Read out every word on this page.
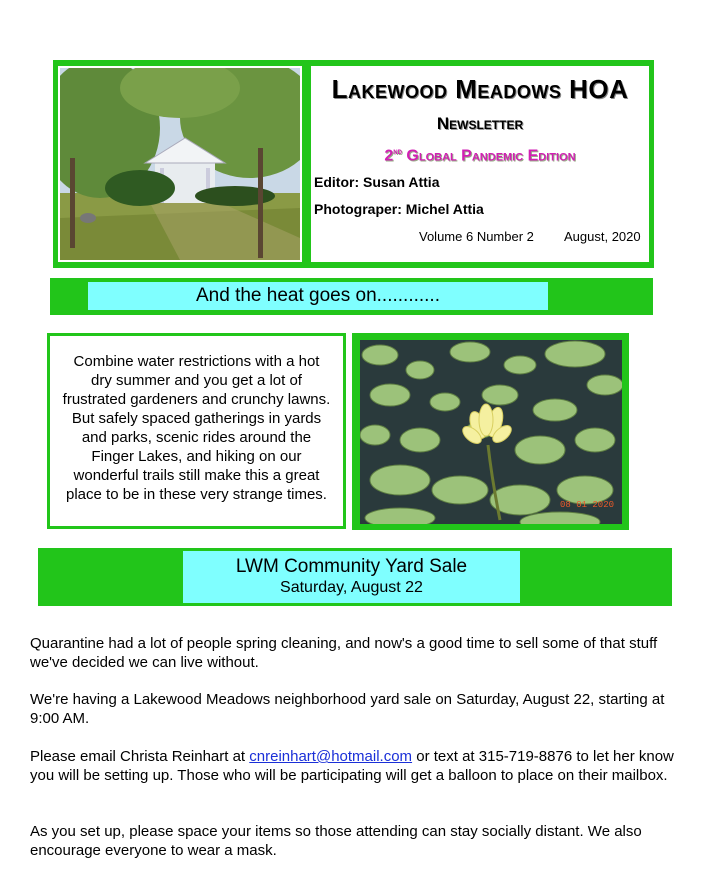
Lakewood Meadows HOA
Newsletter
2nd Global Pandemic Edition
Editor: Susan Attia
Photograper: Michel Attia
Volume 6 Number 2 August, 2020
And the heat goes on............
Combine water restrictions with a hot dry summer and you get a lot of frustrated gardeners and crunchy lawns. But safely spaced gatherings in yards and parks, scenic rides around the Finger Lakes, and hiking on our wonderful trails still make this a great place to be in these very strange times.
08 01 2020
LWM Community Yard Sale
Saturday, August 22
Quarantine had a lot of people spring cleaning, and now's a good time to sell some of that stuff we've decided we can live without.
We're having a Lakewood Meadows neighborhood yard sale on Saturday, August 22, starting at 9:00 AM.
Please email Christa Reinhart at cnreinhart@hotmail.com or text at 315-719-8876 to let her know you will be setting up. Those who will be participating will get a balloon to place on their mailbox.
As you set up, please space your items so those attending can stay socially distant. We also encourage everyone to wear a mask.
